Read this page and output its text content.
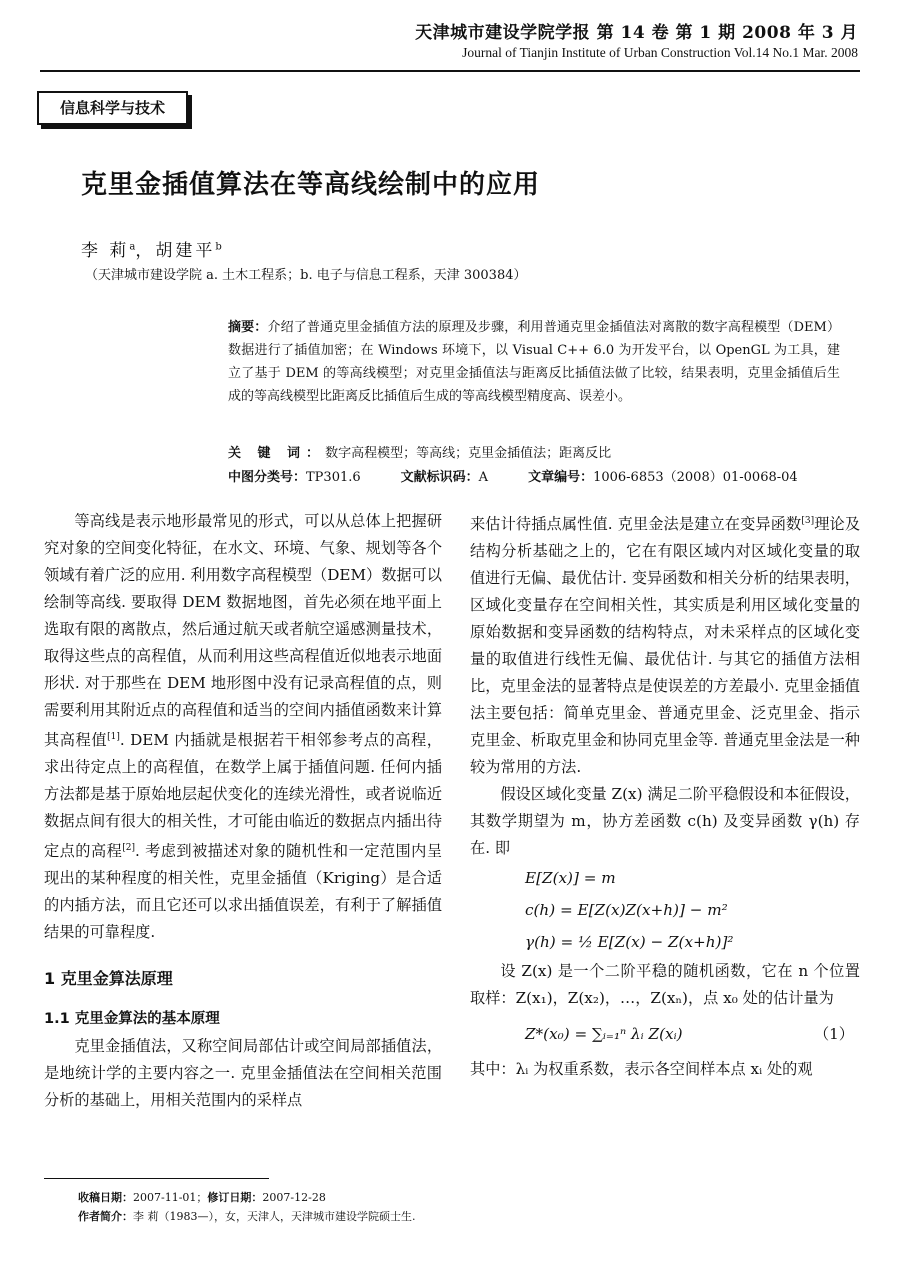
天津城市建设学院学报 第 14 卷 第 1 期 2008 年 3 月
Journal of Tianjin Institute of Urban Construction Vol.14 No.1 Mar. 2008
信息科学与技术
克里金插值算法在等高线绘制中的应用
李 莉$^a$，胡建平$^b$
（天津城市建设学院 a. 土木工程系；b. 电子与信息工程系，天津 300384）
摘要：介绍了普通克里金插值方法的原理及步骤，利用普通克里金插值法对离散的数字高程模型（DEM）数据进行了插值加密；在 Windows 环境下，以 Visual C++ 6.0 为开发平台，以 OpenGL 为工具，建立了基于 DEM 的等高线模型；对克里金插值法与距离反比插值法做了比较，结果表明，克里金插值后生成的等高线模型比距离反比插值后生成的等高线模型精度高、误差小。
关 键 词：数字高程模型；等高线；克里金插值法；距离反比
中图分类号：TP301.6	文献标识码：A	文章编号：1006-6853（2008）01-0068-04

等高线是表示地形最常见的形式，可以从总体上把握研究对象的空间变化特征，在水文、环境、气象、规划等各个领域有着广泛的应用. 利用数字高程模型（DEM）数据可以绘制等高线. 要取得 DEM 数据地图，首先必须在地平面上选取有限的离散点，然后通过航天或者航空遥感测量技术，取得这些点的高程值，从而利用这些高程值近似地表示地面形状. 对于那些在 DEM 地形图中没有记录高程值的点，则需要利用其附近点的高程值和适当的空间内插值函数来计算其高程值[1]. DEM 内插就是根据若干相邻参考点的高程，求出待定点上的高程值，在数学上属于插值问题. 任何内插方法都是基于原始地层起伏变化的连续光滑性，或者说临近数据点间有很大的相关性，才可能由临近的数据点内插出待定点的高程[2]. 考虑到被描述对象的随机性和一定范围内呈现出的某种程度的相关性，克里金插值（Kriging）是合适的内插方法，而且它还可以求出插值误差，有利于了解插值结果的可靠程度.

1 克里金算法原理

1.1 克里金算法的基本原理

克里金插值法，又称空间局部估计或空间局部插值法，是地统计学的主要内容之一. 克里金插值法在空间相关范围分析的基础上，用相关范围内的采样点

来估计待插点属性值. 克里金法是建立在变异函数[3]理论及结构分析基础之上的，它在有限区域内对区域化变量的取值进行无偏、最优估计. 变异函数和相关分析的结果表明，区域化变量存在空间相关性，其实质是利用区域化变量的原始数据和变异函数的结构特点，对未采样点的区域化变量的取值进行线性无偏、最优估计. 与其它的插值方法相比，克里金法的显著特点是使误差的方差最小. 克里金插值法主要包括：简单克里金、普通克里金、泛克里金、指示克里金、析取克里金和协同克里金等. 普通克里金法是一种较为常用的方法.

假设区域化变量 Z(x) 满足二阶平稳假设和本征假设，其数学期望为 m，协方差函数 c(h) 及变异函数 γ(h) 存在. 即

E[Z(x)] = m

c(h) = E[Z(x)Z(x+h)] − m²

γ(h) = ½ E[Z(x) − Z(x+h)]²

设 Z(x) 是一个二阶平稳的随机函数，它在 n 个位置取样：Z(x₁)，Z(x₂)，…，Z(xₙ)，点 x₀ 处的估计量为

Z*(x₀) = ∑ᵢ₌₁ⁿ λᵢ Z(xᵢ)	（1）

其中：λᵢ 为权重系数，表示各空间样本点 xᵢ 处的观

收稿日期：2007-11-01；修订日期：2007-12-28
作者简介：李 莉（1983—），女，天津人，天津城市建设学院硕士生.
